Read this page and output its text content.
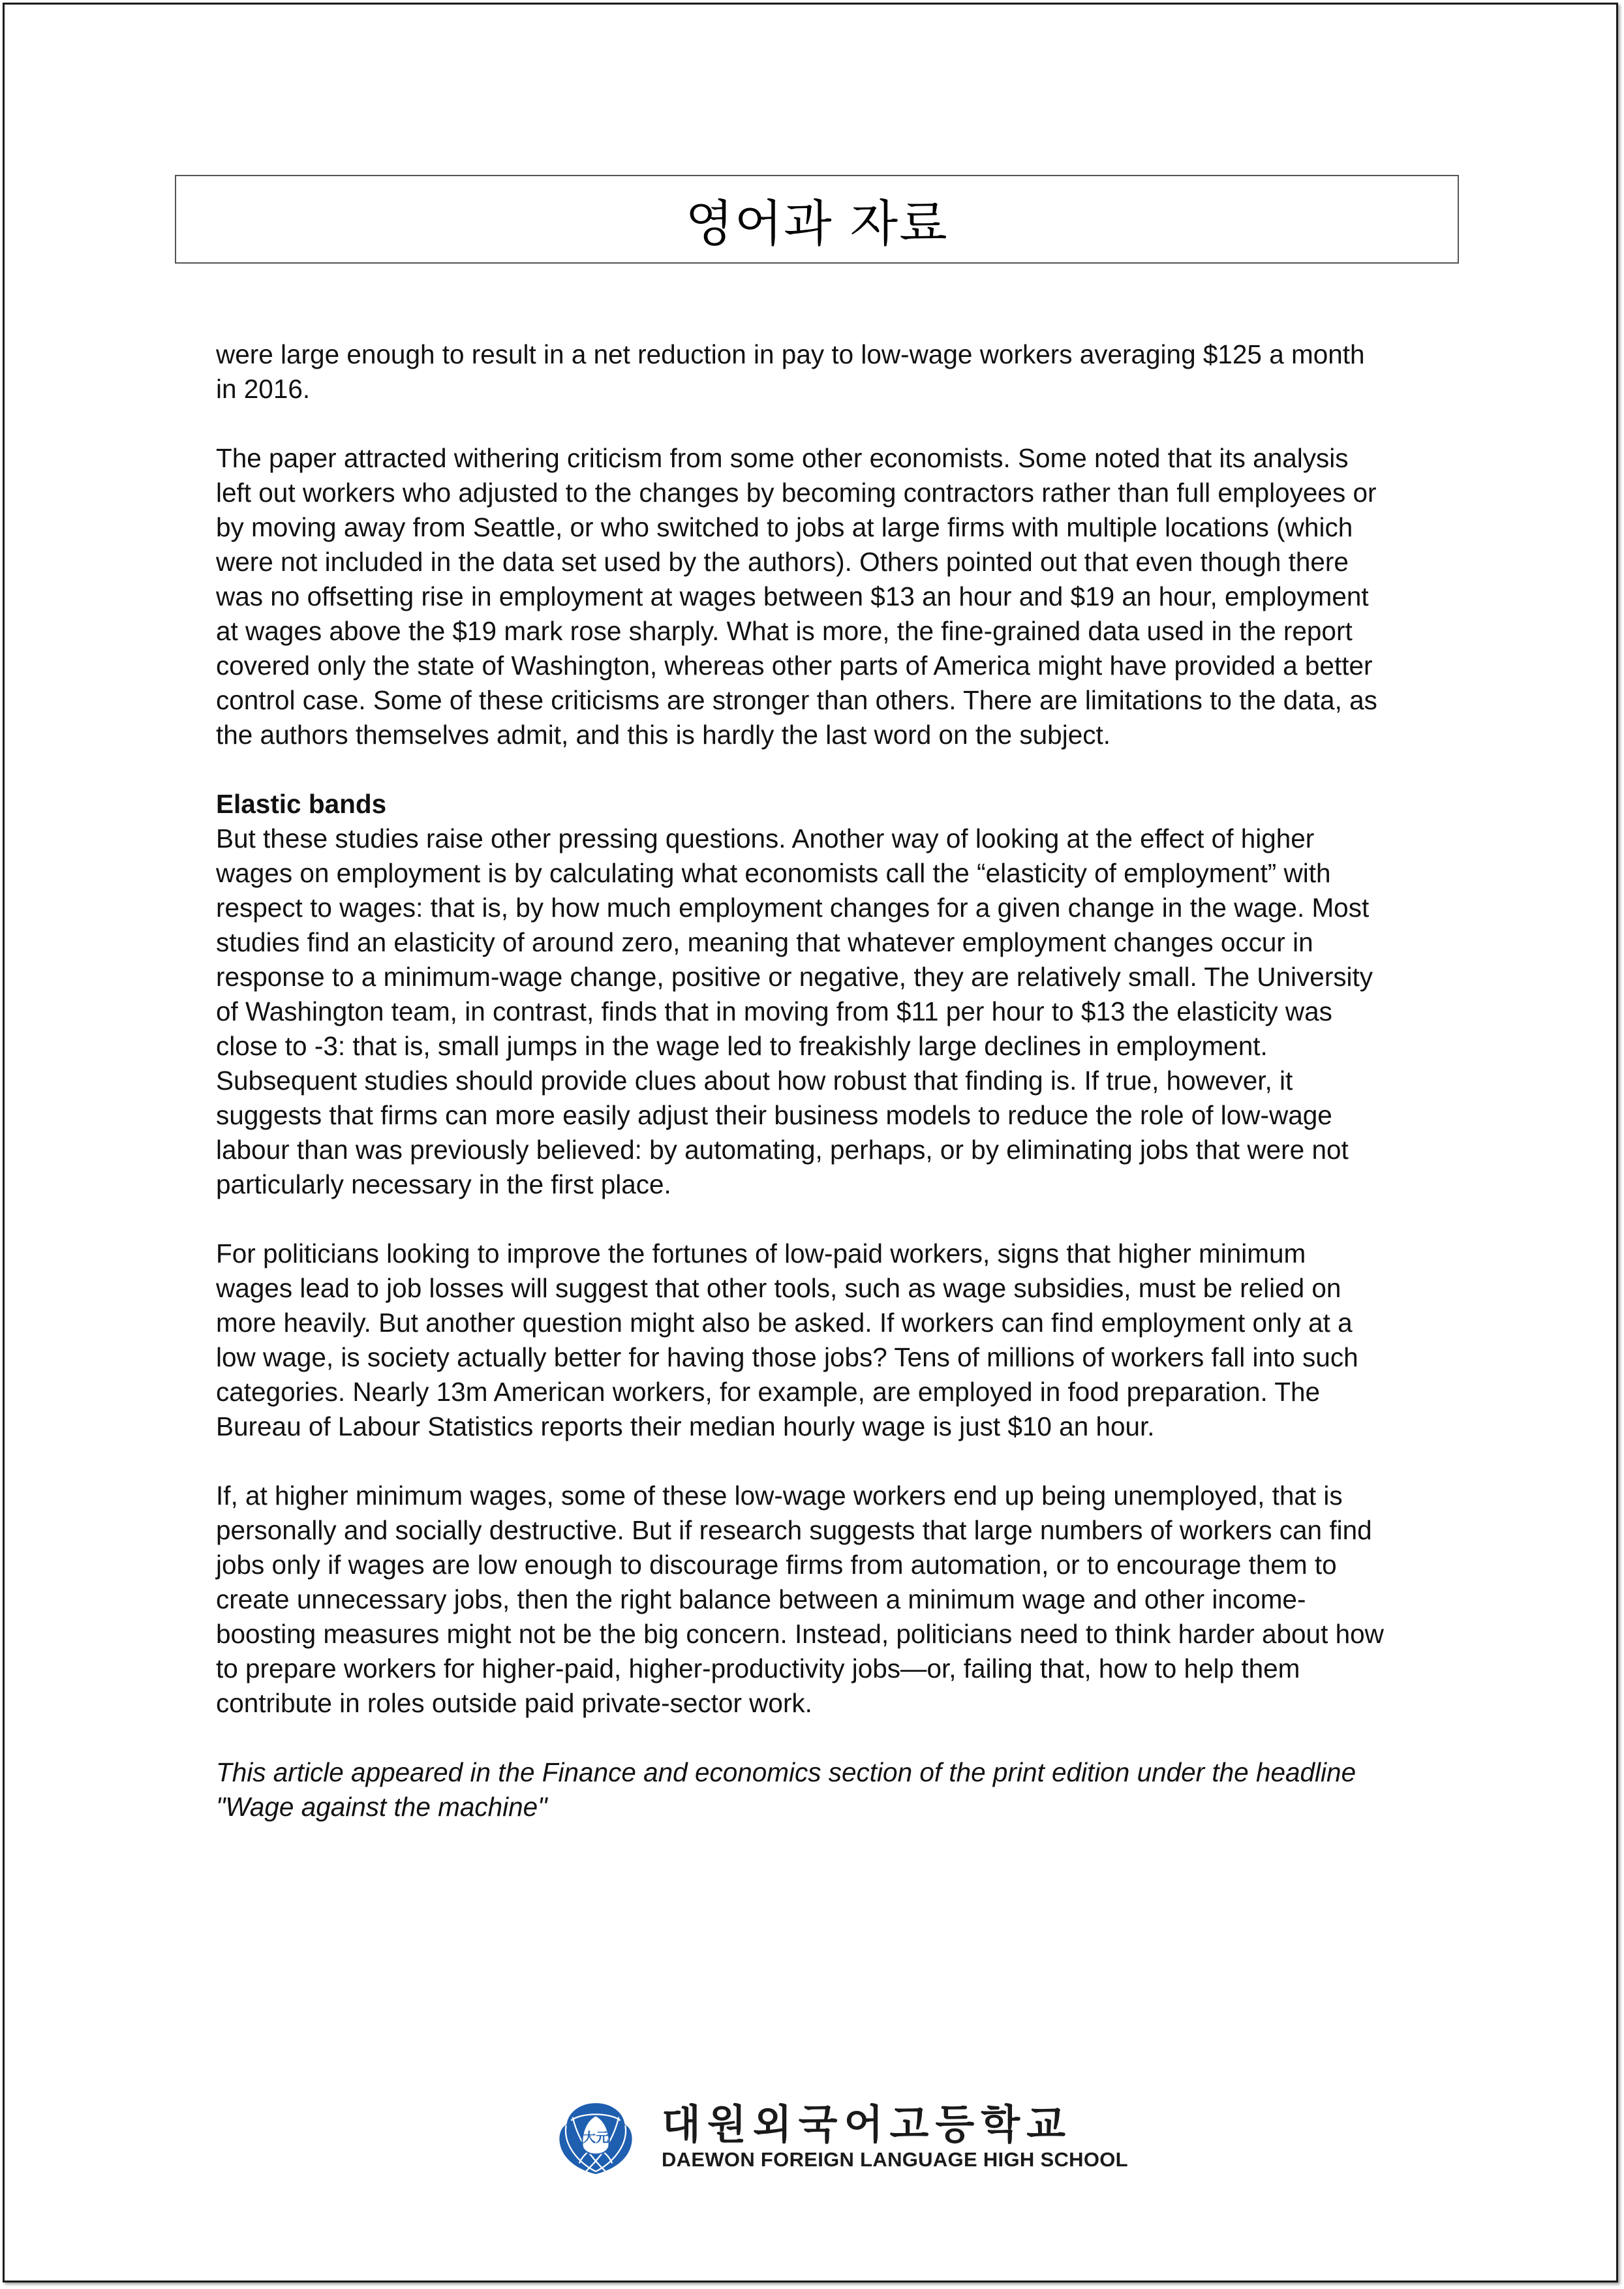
영어과 자료

were large enough to result in a net reduction in pay to low-wage workers averaging $125 a month in 2016.

The paper attracted withering criticism from some other economists. Some noted that its analysis left out workers who adjusted to the changes by becoming contractors rather than full employees or by moving away from Seattle, or who switched to jobs at large firms with multiple locations (which were not included in the data set used by the authors). Others pointed out that even though there was no offsetting rise in employment at wages between $13 an hour and $19 an hour, employment at wages above the $19 mark rose sharply. What is more, the fine-grained data used in the report covered only the state of Washington, whereas other parts of America might have provided a better control case. Some of these criticisms are stronger than others. There are limitations to the data, as the authors themselves admit, and this is hardly the last word on the subject.

Elastic bands

But these studies raise other pressing questions. Another way of looking at the effect of higher wages on employment is by calculating what economists call the “elasticity of employment” with respect to wages: that is, by how much employment changes for a given change in the wage. Most studies find an elasticity of around zero, meaning that whatever employment changes occur in response to a minimum-wage change, positive or negative, they are relatively small. The University of Washington team, in contrast, finds that in moving from $11 per hour to $13 the elasticity was close to -3: that is, small jumps in the wage led to freakishly large declines in employment. Subsequent studies should provide clues about how robust that finding is. If true, however, it suggests that firms can more easily adjust their business models to reduce the role of low-wage labour than was previously believed: by automating, perhaps, or by eliminating jobs that were not particularly necessary in the first place.

For politicians looking to improve the fortunes of low-paid workers, signs that higher minimum wages lead to job losses will suggest that other tools, such as wage subsidies, must be relied on more heavily. But another question might also be asked. If workers can find employment only at a low wage, is society actually better for having those jobs? Tens of millions of workers fall into such categories. Nearly 13m American workers, for example, are employed in food preparation. The Bureau of Labour Statistics reports their median hourly wage is just $10 an hour.

If, at higher minimum wages, some of these low-wage workers end up being unemployed, that is personally and socially destructive. But if research suggests that large numbers of workers can find jobs only if wages are low enough to discourage firms from automation, or to encourage them to create unnecessary jobs, then the right balance between a minimum wage and other income-boosting measures might not be the big concern. Instead, politicians need to think harder about how to prepare workers for higher-paid, higher-productivity jobs—or, failing that, how to help them contribute in roles outside paid private-sector work.

This article appeared in the Finance and economics section of the print edition under the headline "Wage against the machine"

大元 대원외국어고등학교
DAEWON FOREIGN LANGUAGE HIGH SCHOOL
